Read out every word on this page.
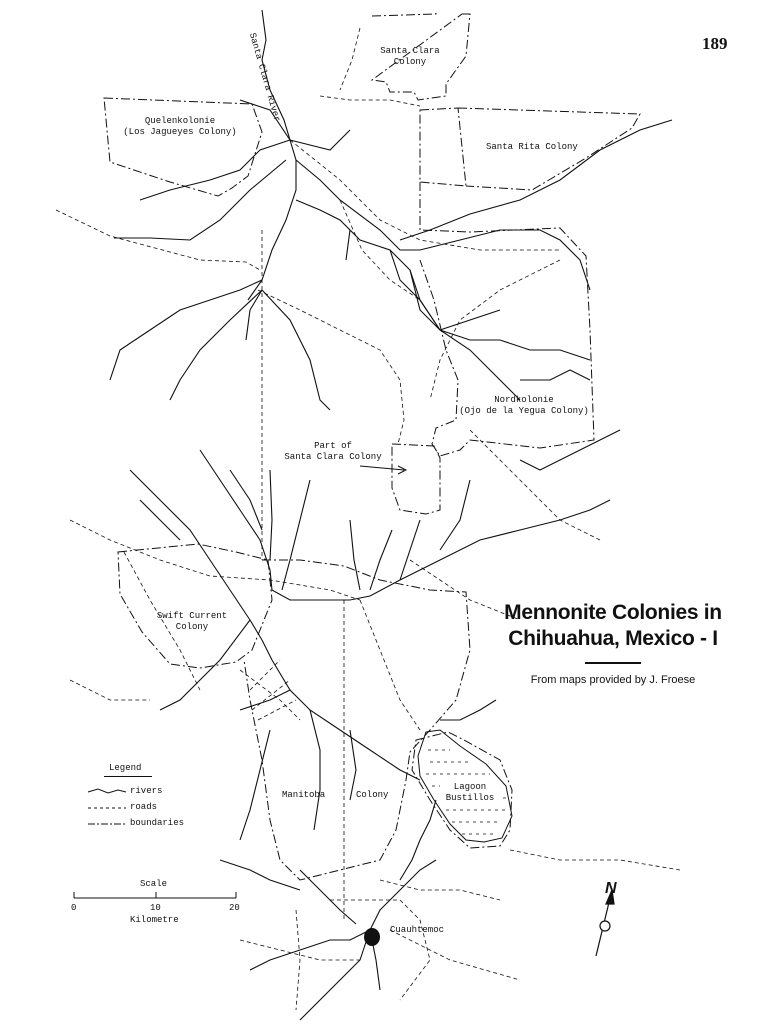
189
Santa Clara River	Santa Clara
Colony
Santa Rita Colony
Quelenkolonie
(Los Jagueyes Colony)
Nordkolonie
(Ojo de la Yegua Colony)
Part of
Santa Clara Colony
Swift Current
Colony
Manitoba	Colony
Lagoon
Bustillos
Cuauhtemoc
Mennonite Colonies in
Chihuahua, Mexico - I
From maps provided by J. Froese
Legend
rivers
roads
boundaries
Scale
0	10	20
Kilometre
N
